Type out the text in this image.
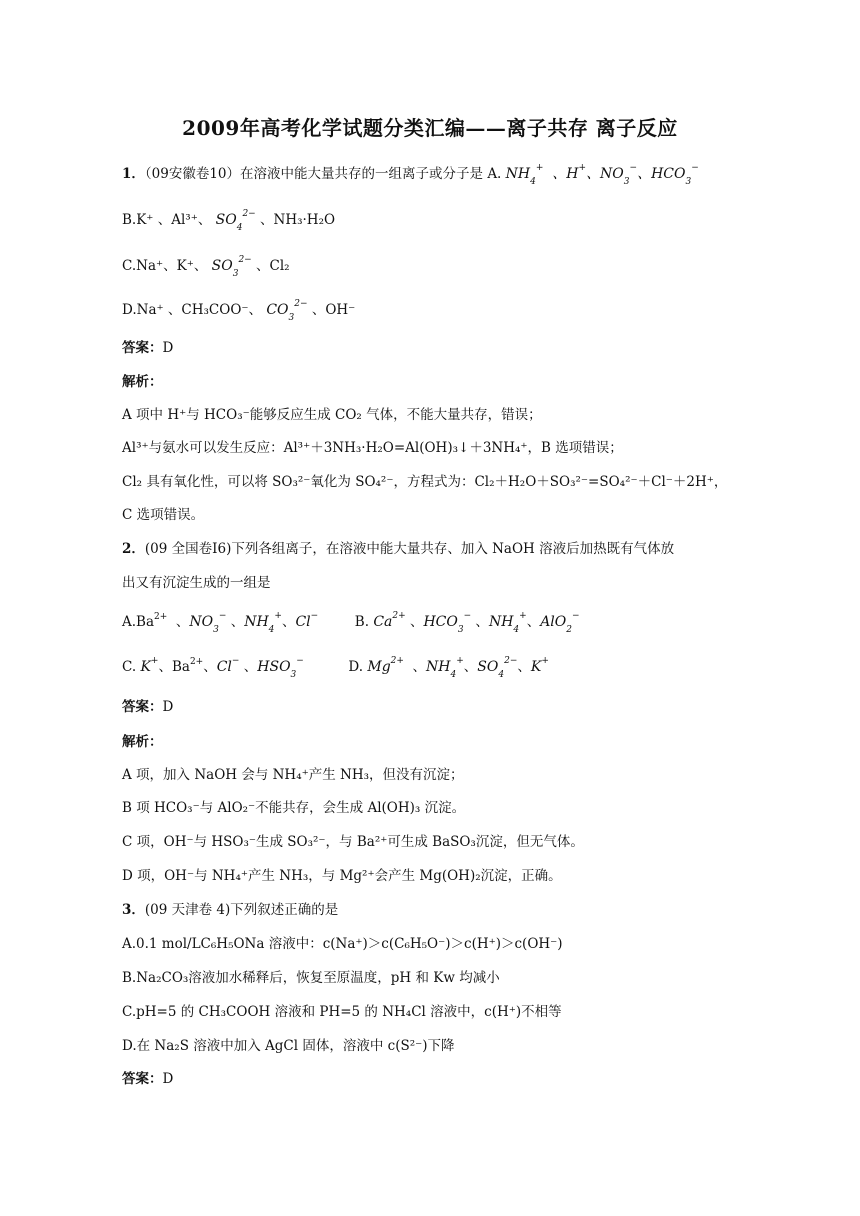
2009年高考化学试题分类汇编——离子共存 离子反应
1．（09安徽卷10）在溶液中能大量共存的一组离子或分子是 A. $NH_4^+$  、H+、$NO_3^-$、$HCO_3^-$
B.K⁺ 、Al³⁺、 $SO_4^{2-}$ 、NH₃·H₂O
C.Na⁺、K⁺、 $SO_3^{2-}$ 、Cl₂
D.Na⁺ 、CH₃COO⁻、 $CO_3^{2-}$ 、OH⁻
答案：D
解析：
A 项中 H⁺与 HCO₃⁻能够反应生成 CO₂ 气体，不能大量共存，错误；
Al³⁺与氨水可以发生反应：Al³⁺＋3NH₃·H₂O=Al(OH)₃↓＋3NH₄⁺，B 选项错误；
Cl₂ 具有氧化性，可以将 SO₃²⁻氧化为 SO₄²⁻，方程式为：Cl₂＋H₂O＋SO₃²⁻=SO₄²⁻＋Cl⁻＋2H⁺，
C 选项错误。
2．(09 全国卷Ⅰ6)下列各组离子，在溶液中能大量共存、加入 NaOH 溶液后加热既有气体放
出又有沉淀生成的一组是
$A.Ba^{2+}$  、$NO_3^-$ 、$NH_4^+$、Cl−	B. $Ca^{2+}$ 、$HCO_3^-$ 、$NH_4^+$、AlO$_2$−
C. K+、$Ba^{2+}$、Cl− 、$HSO_3^-$	D. $Mg^{2+}$  、$NH_4^+$、$SO_4^{2-}$、K+
答案：D
解析：
A 项，加入 NaOH 会与 NH₄⁺产生 NH₃，但没有沉淀；
B 项 HCO₃⁻与 AlO₂⁻不能共存，会生成 Al(OH)₃ 沉淀。
C 项，OH⁻与 HSO₃⁻生成 SO₃²⁻，与 Ba²⁺可生成 BaSO₃沉淀，但无气体。
D 项，OH⁻与 NH₄⁺产生 NH₃，与 Mg²⁺会产生 Mg(OH)₂沉淀，正确。
3．(09 天津卷 4)下列叙述正确的是
A.0.1 mol/LC₆H₅ONa 溶液中：c(Na⁺)＞c(C₆H₅O⁻)＞c(H⁺)＞c(OH⁻)
B.Na₂CO₃溶液加水稀释后，恢复至原温度，pH 和 Kw 均减小
C.pH=5 的 CH₃COOH 溶液和 PH=5 的 NH₄Cl 溶液中，c(H⁺)不相等
D.在 Na₂S 溶液中加入 AgCl 固体，溶液中 c(S²⁻)下降
答案：D
